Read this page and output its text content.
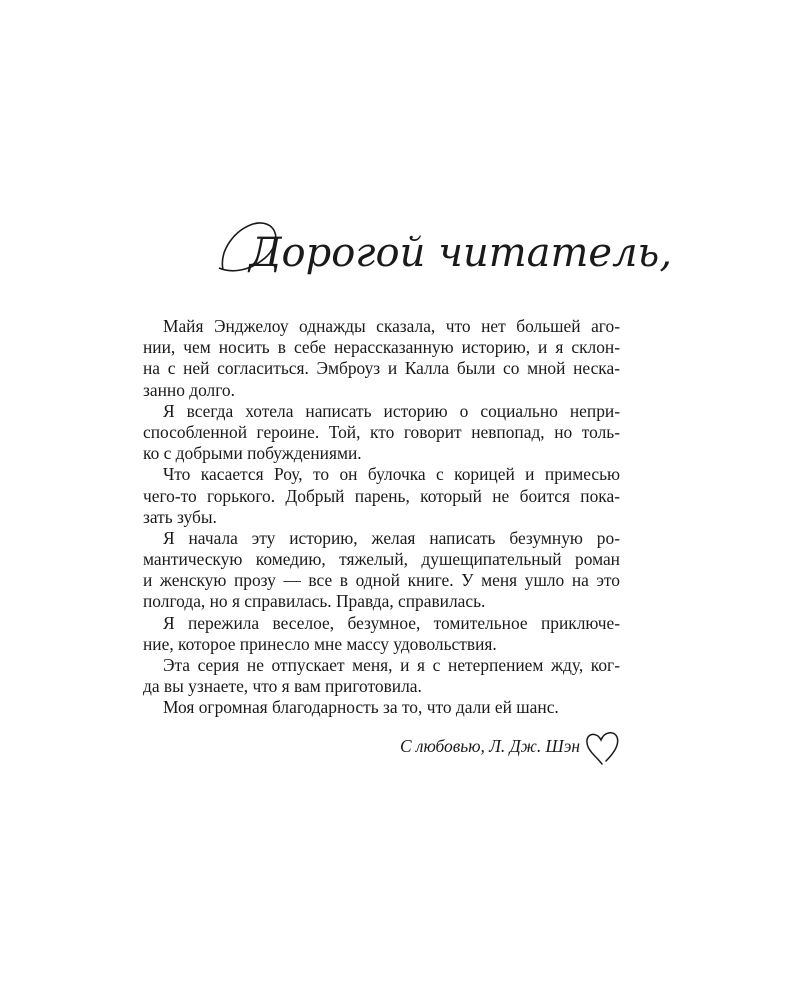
Дорогой читатель,
Майя Энджелоу однажды сказала, что нет большей аго-
нии, чем носить в себе нерассказанную историю, и я склон-
на с ней согласиться. Эмброуз и Калла были со мной неска-
занно долго.
Я всегда хотела написать историю о социально непри-
способленной героине. Той, кто говорит невпопад, но толь-
ко с добрыми побуждениями.
Что касается Роу, то он булочка с корицей и примесью
чего-то горького. Добрый парень, который не боится пока-
зать зубы.
Я начала эту историю, желая написать безумную ро-
мантическую комедию, тяжелый, душещипательный роман
и женскую прозу — все в одной книге. У меня ушло на это
полгода, но я справилась. Правда, справилась.
Я пережила веселое, безумное, томительное приключе-
ние, которое принесло мне массу удовольствия.
Эта серия не отпускает меня, и я с нетерпением жду, ког-
да вы узнаете, что я вам приготовила.
Моя огромная благодарность за то, что дали ей шанс.
С любовью, Л. Дж. Шэн
